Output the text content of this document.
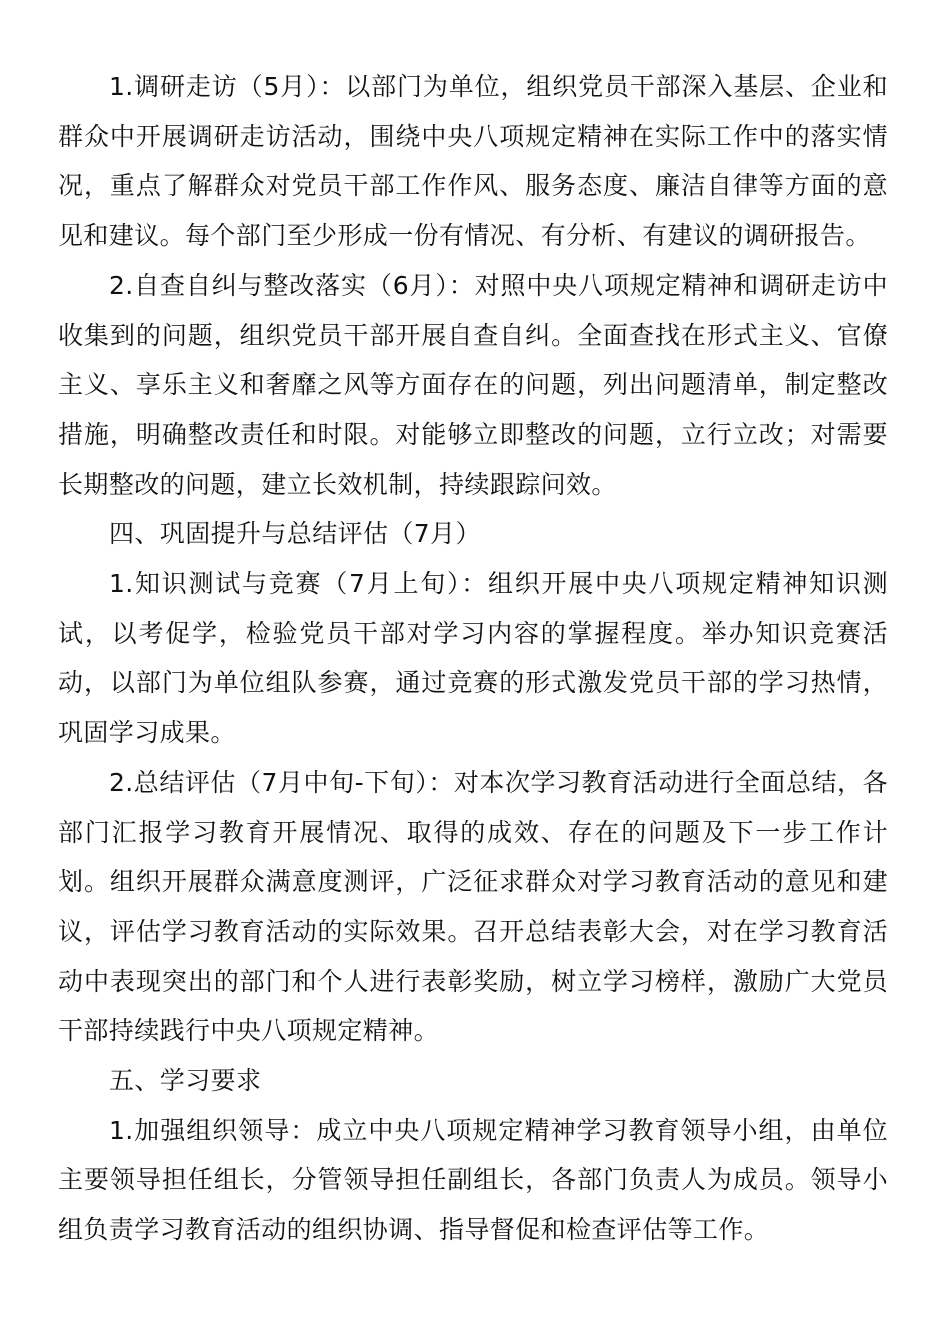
1.调研走访（5月）：以部门为单位，组织党员干部深入基层、企业和群众中开展调研走访活动，围绕中央八项规定精神在实际工作中的落实情况，重点了解群众对党员干部工作作风、服务态度、廉洁自律等方面的意见和建议。每个部门至少形成一份有情况、有分析、有建议的调研报告。

2.自查自纠与整改落实（6月）：对照中央八项规定精神和调研走访中收集到的问题，组织党员干部开展自查自纠。全面查找在形式主义、官僚主义、享乐主义和奢靡之风等方面存在的问题，列出问题清单，制定整改措施，明确整改责任和时限。对能够立即整改的问题，立行立改；对需要长期整改的问题，建立长效机制，持续跟踪问效。

四、巩固提升与总结评估（7月）

1.知识测试与竞赛（7月上旬）：组织开展中央八项规定精神知识测试，以考促学，检验党员干部对学习内容的掌握程度。举办知识竞赛活动，以部门为单位组队参赛，通过竞赛的形式激发党员干部的学习热情，巩固学习成果。

2.总结评估（7月中旬-下旬）：对本次学习教育活动进行全面总结，各部门汇报学习教育开展情况、取得的成效、存在的问题及下一步工作计划。组织开展群众满意度测评，广泛征求群众对学习教育活动的意见和建议，评估学习教育活动的实际效果。召开总结表彰大会，对在学习教育活动中表现突出的部门和个人进行表彰奖励，树立学习榜样，激励广大党员干部持续践行中央八项规定精神。

五、学习要求

1.加强组织领导：成立中央八项规定精神学习教育领导小组，由单位主要领导担任组长，分管领导担任副组长，各部门负责人为成员。领导小组负责学习教育活动的组织协调、指导督促和检查评估等工作。
